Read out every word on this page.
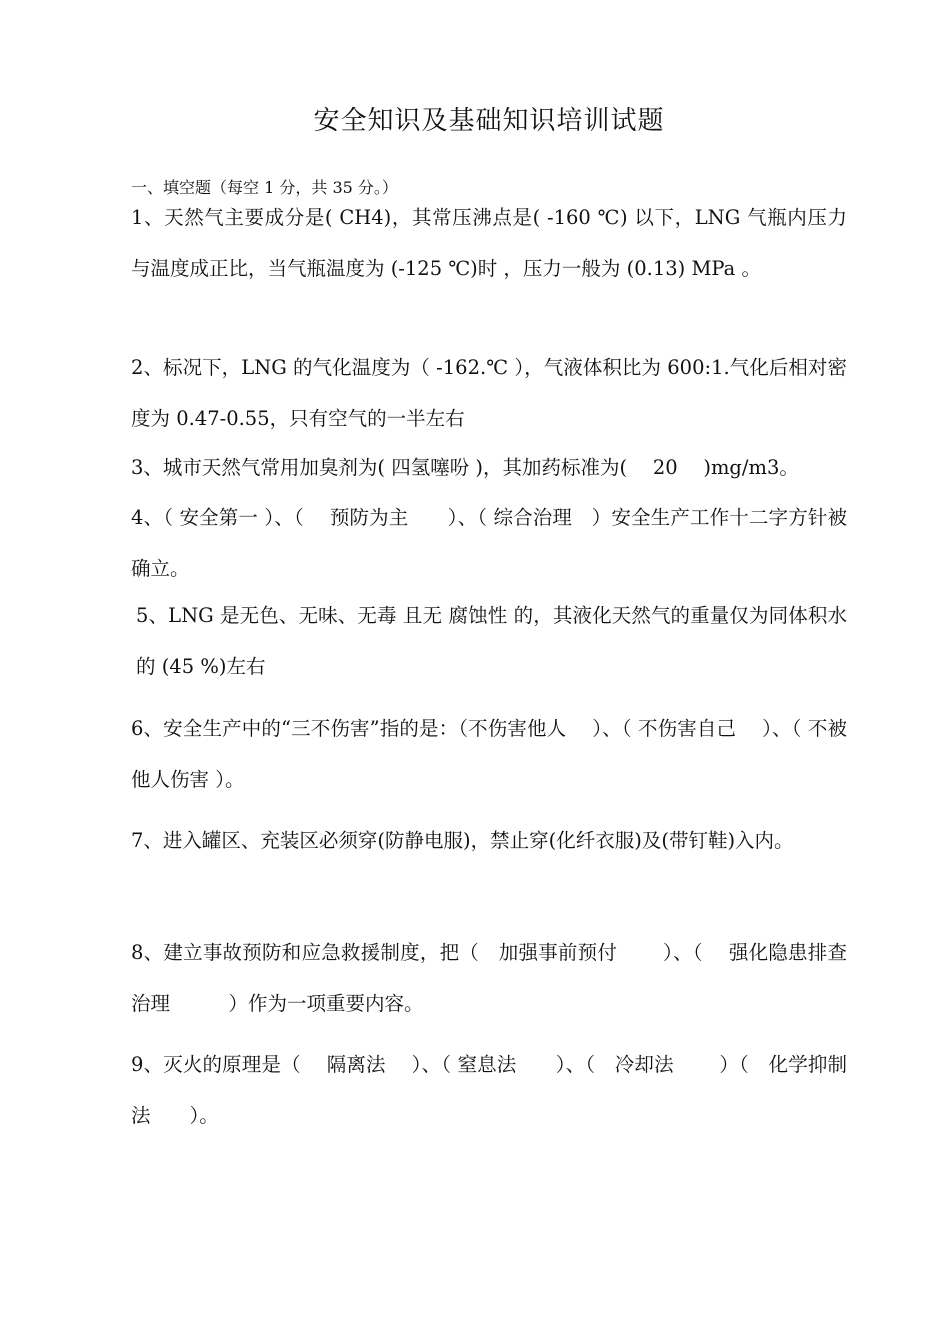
安全知识及基础知识培训试题
一、填空题（每空 1 分，共 35 分。）

1、天然气主要成分是( CH4)，其常压沸点是( -160 ℃) 以下，LNG 气瓶内压力与温度成正比，当气瓶温度为 (-125 ℃)时 ，压力一般为 (0.13) MPa 。

2、标况下，LNG 的气化温度为（ -162.℃ ），气液体积比为 600:1.气化后相对密度为 0.47-0.55，只有空气的一半左右

3、城市天然气常用加臭剂为( 四氢噻吩 )，其加药标准为(　 20　 )mg/m3。

4、（ 安全第一 ）、（　 预防为主　　）、（ 综合治理　）安全生产工作十二字方针被确立。

5、LNG 是无色、无味、无毒 且无 腐蚀性 的，其液化天然气的重量仅为同体积水的 (45 %)左右

6、安全生产中的“三不伤害”指的是：（不伤害他人　 ）、（ 不伤害自己　 ）、（ 不被他人伤害 ）。

7、进入罐区、充装区必须穿(防静电服)，禁止穿(化纤衣服)及(带钉鞋)入内。

8、建立事故预防和应急救援制度，把（　加强事前预付　　 ）、（　 强化隐患排查治理　　　）作为一项重要内容。

9、灭火的原理是（　 隔离法　 ）、（ 窒息法　　）、（　冷却法　　 ）（　化学抑制法　　）。
